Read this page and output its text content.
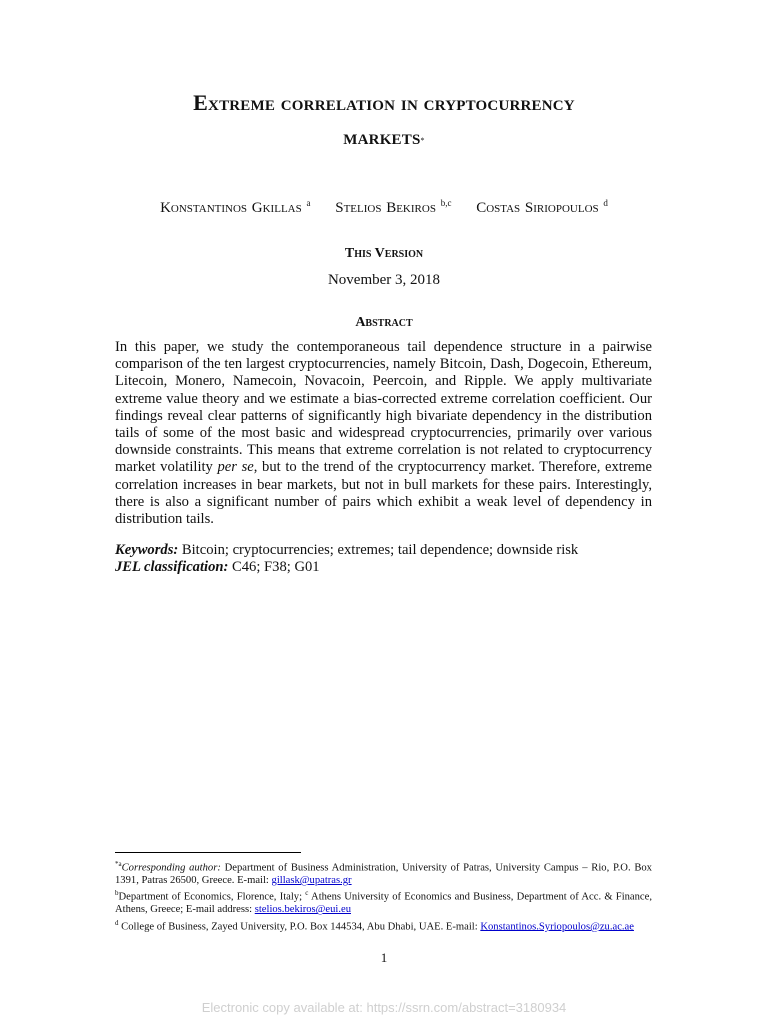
Extreme correlation in cryptocurrency
markets*
Konstantinos Gkillas $^a$ Stelios Bekiros $^{b,c}$ Costas Siriopoulos $^d$
This Version
November 3, 2018
Abstract

In this paper, we study the contemporaneous tail dependence structure in a pairwise comparison of the ten largest cryptocurrencies, namely Bitcoin, Dash, Dogecoin, Ethereum, Litecoin, Monero, Namecoin, Novacoin, Peercoin, and Ripple. We apply multivariate extreme value theory and we estimate a bias-corrected extreme correlation coefficient. Our findings reveal clear patterns of significantly high bivariate dependency in the distribution tails of some of the most basic and widespread cryptocurrencies, primarily over various downside constraints. This means that extreme correlation is not related to cryptocurrency market volatility per se, but to the trend of the cryptocurrency market. Therefore, extreme correlation increases in bear markets, but not in bull markets for these pairs. Interestingly, there is also a significant number of pairs which exhibit a weak level of dependency in distribution tails.

Keywords: Bitcoin; cryptocurrencies; extremes; tail dependence; downside risk
JEL classification: C46; F38; G01

$^{*a}$Corresponding author: Department of Business Administration, University of Patras, University Campus – Rio, P.O. Box 1391, Patras 26500, Greece. E-mail: gillask@upatras.gr

$^b$Department of Economics, Florence, Italy; $^c$ Athens University of Economics and Business, Department of Acc. & Finance, Athens, Greece; E-mail address: stelios.bekiros@eui.eu

$^d$ College of Business, Zayed University, P.O. Box 144534, Abu Dhabi, UAE. E-mail: Konstantinos.Syriopoulos@zu.ac.ae

1
Electronic copy available at: https://ssrn.com/abstract=3180934
